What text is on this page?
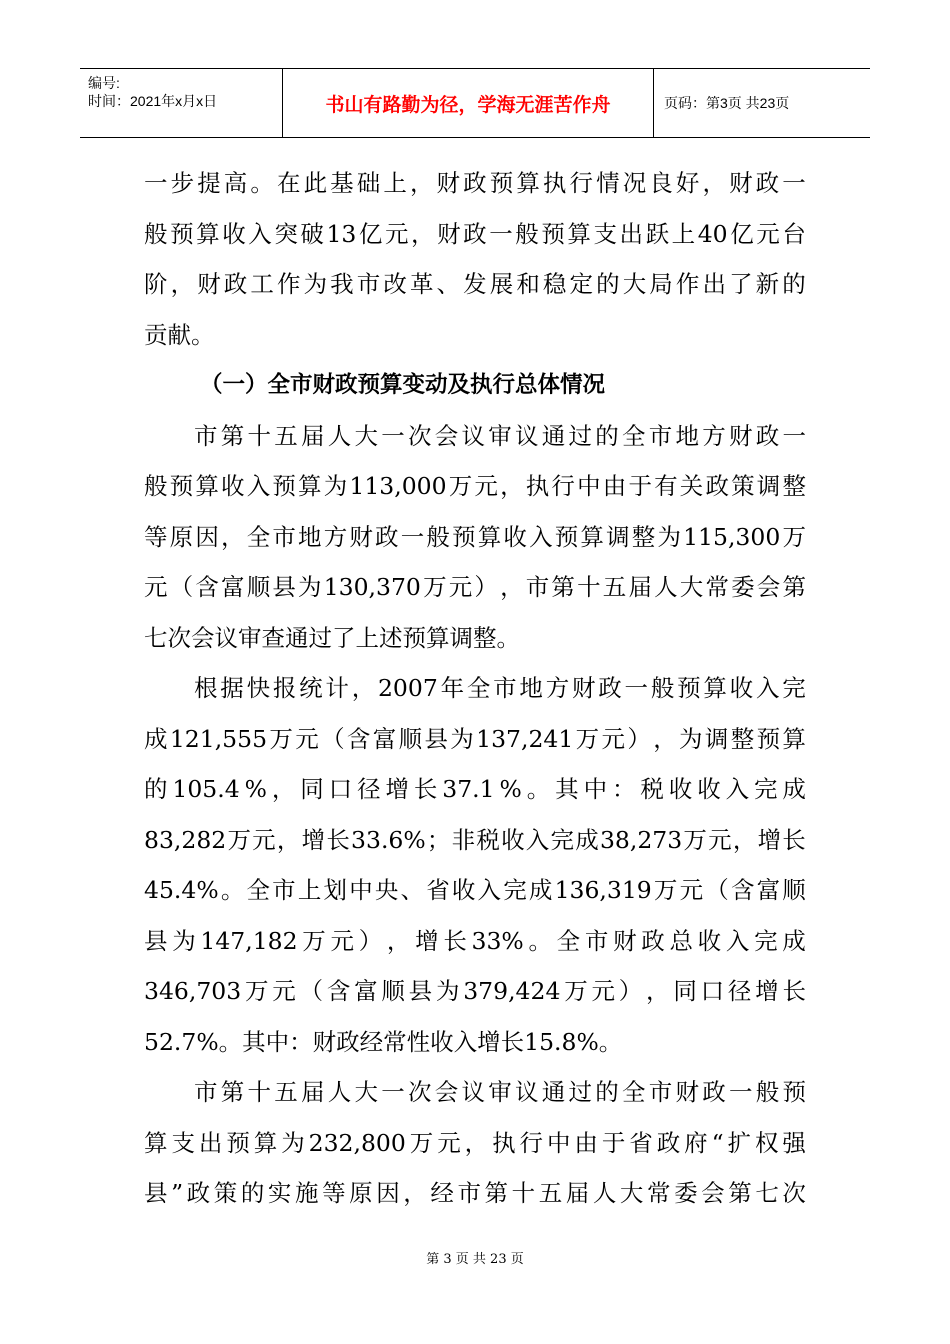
编号:
时间：2021年x月x日	书山有路勤为径，学海无涯苦作舟	页码：第3页 共23页
一 步 提 高 。 在 此 基 础 上 ， 财 政 预 算 执 行 情 况 良 好 ， 财 政 一
般 预 算 收 入 突 破 13 亿 元 ， 财 政 一 般 预 算 支 出 跃 上 40 亿 元 台
阶 ， 财 政 工 作 为 我 市 改 革 、 发 展 和 稳 定 的 大 局 作 出 了 新 的
贡献。
（一）全市财政预算变动及执行总体情况
市 第 十 五 届 人 大 一 次 会 议 审 议 通 过 的 全 市 地 方 财 政 一
般 预 算 收 入 预 算 为 113,000 万 元 ， 执 行 中 由 于 有 关 政 策 调 整
等 原 因 ， 全 市 地 方 财 政 一 般 预 算 收 入 预 算 调 整 为 115,300 万
元 （ 含 富 顺 县 为 130,370 万 元 ） ， 市 第 十 五 届 人 大 常 委 会 第
七次会议审查通过了上述预算调整。
根 据 快 报 统 计 ， 2007 年 全 市 地 方 财 政 一 般 预 算 收 入 完
成 121,555 万 元 （ 含 富 顺 县 为 137,241 万 元 ） ， 为 调 整 预 算
的 105.4 % ， 同 口 径 增 长 37.1 % 。 其 中 ： 税 收 收 入 完 成
83,282 万 元 ， 增 长 33.6% ； 非 税 收 入 完 成 38,273 万 元 ， 增 长
45.4% 。 全 市 上 划 中 央 、 省 收 入 完 成 136,319 万 元 （ 含 富 顺
县 为 147,182 万 元 ） ， 增 长 33% 。 全 市 财 政 总 收 入 完 成
346,703 万 元 （ 含 富 顺 县 为 379,424 万 元 ） ， 同 口 径 增 长
52.7%。其中：财政经常性收入增长15.8%。
市 第 十 五 届 人 大 一 次 会 议 审 议 通 过 的 全 市 财 政 一 般 预
算 支 出 预 算 为 232,800 万 元 ， 执 行 中 由 于 省 政 府 “ 扩 权 强
县 ” 政 策 的 实 施 等 原 因 ， 经 市 第 十 五 届 人 大 常 委 会 第 七 次
第 3 页 共 23 页
